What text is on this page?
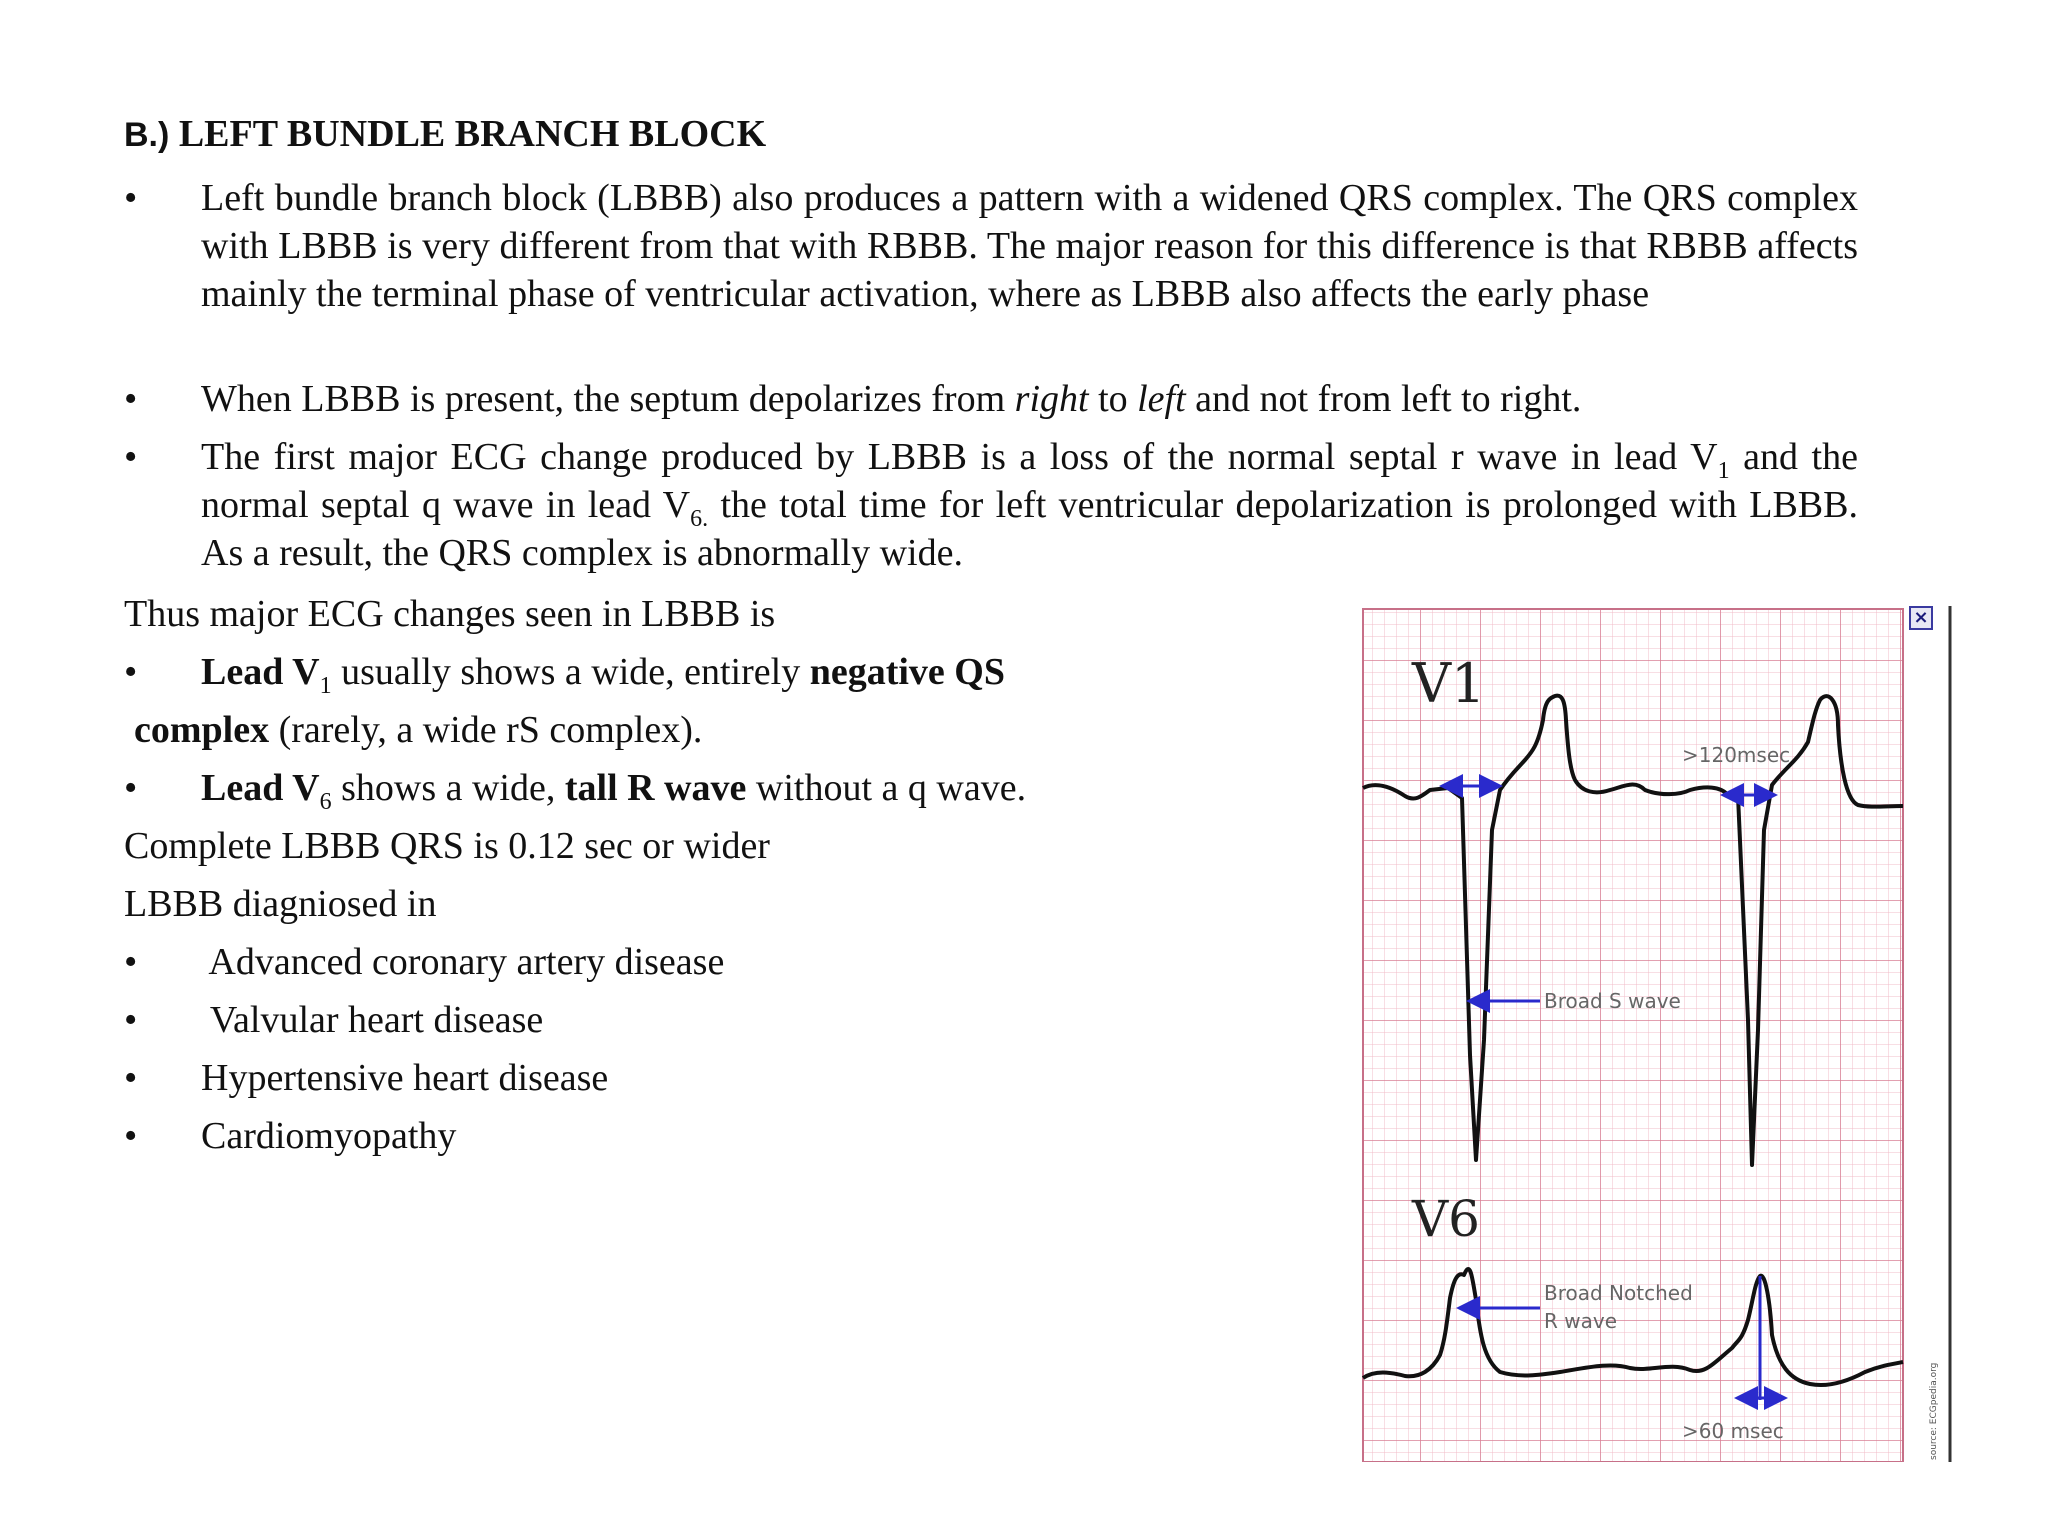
B.) LEFT BUNDLE BRANCH BLOCK
• Left bundle branch block (LBBB) also produces a pattern with a widened QRS complex. The QRS complex with LBBB is very different from that with RBBB. The major reason for this difference is that RBBB affects mainly the terminal phase of ventricular activation, where as LBBB also affects the early phase
• When LBBB is present, the septum depolarizes from right to left and not from left to right.
• The first major ECG change produced by LBBB is a loss of the normal septal r wave in lead $V_1$ and the normal septal q wave in lead $V_{6.}$ the total time for left ventricular depolarization is prolonged with LBBB. As a result, the QRS complex is abnormally wide.
Thus major ECG changes seen in LBBB is
• Lead $V_1$ usually shows a wide, entirely negative QS
complex (rarely, a wide rS complex).
• Lead $V_6$ shows a wide, tall R wave without a q wave.
Complete LBBB QRS is 0.12 sec or wider
LBBB diagniosed in
• Advanced coronary artery disease
• Valvular heart disease
• Hypertensive heart disease
• Cardiomyopathy
V1
>120msec
Broad S wave
V6
Broad Notched
R wave
>60 msec	source: ECGpedia.org
×
